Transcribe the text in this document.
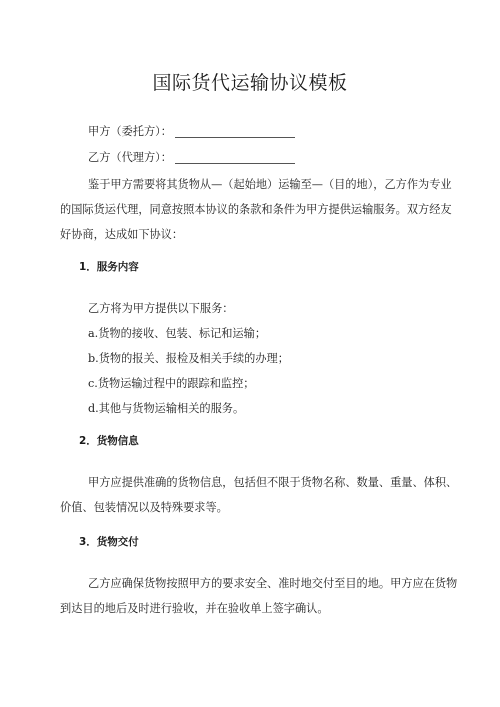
国际货代运输协议模板
甲方（委托方）：
乙方（代理方）：
鉴于甲方需要将其货物从—（起始地）运输至—（目的地），乙方作为专业
的国际货运代理，同意按照本协议的条款和条件为甲方提供运输服务。双方经友
好协商，达成如下协议：
1．服务内容
乙方将为甲方提供以下服务：
a.货物的接收、包装、标记和运输；
b.货物的报关、报检及相关手续的办理；
c.货物运输过程中的跟踪和监控；
d.其他与货物运输相关的服务。
2．货物信息
甲方应提供准确的货物信息，包括但不限于货物名称、数量、重量、体积、
价值、包装情况以及特殊要求等。
3．货物交付
乙方应确保货物按照甲方的要求安全、准时地交付至目的地。甲方应在货物
到达目的地后及时进行验收，并在验收单上签字确认。
